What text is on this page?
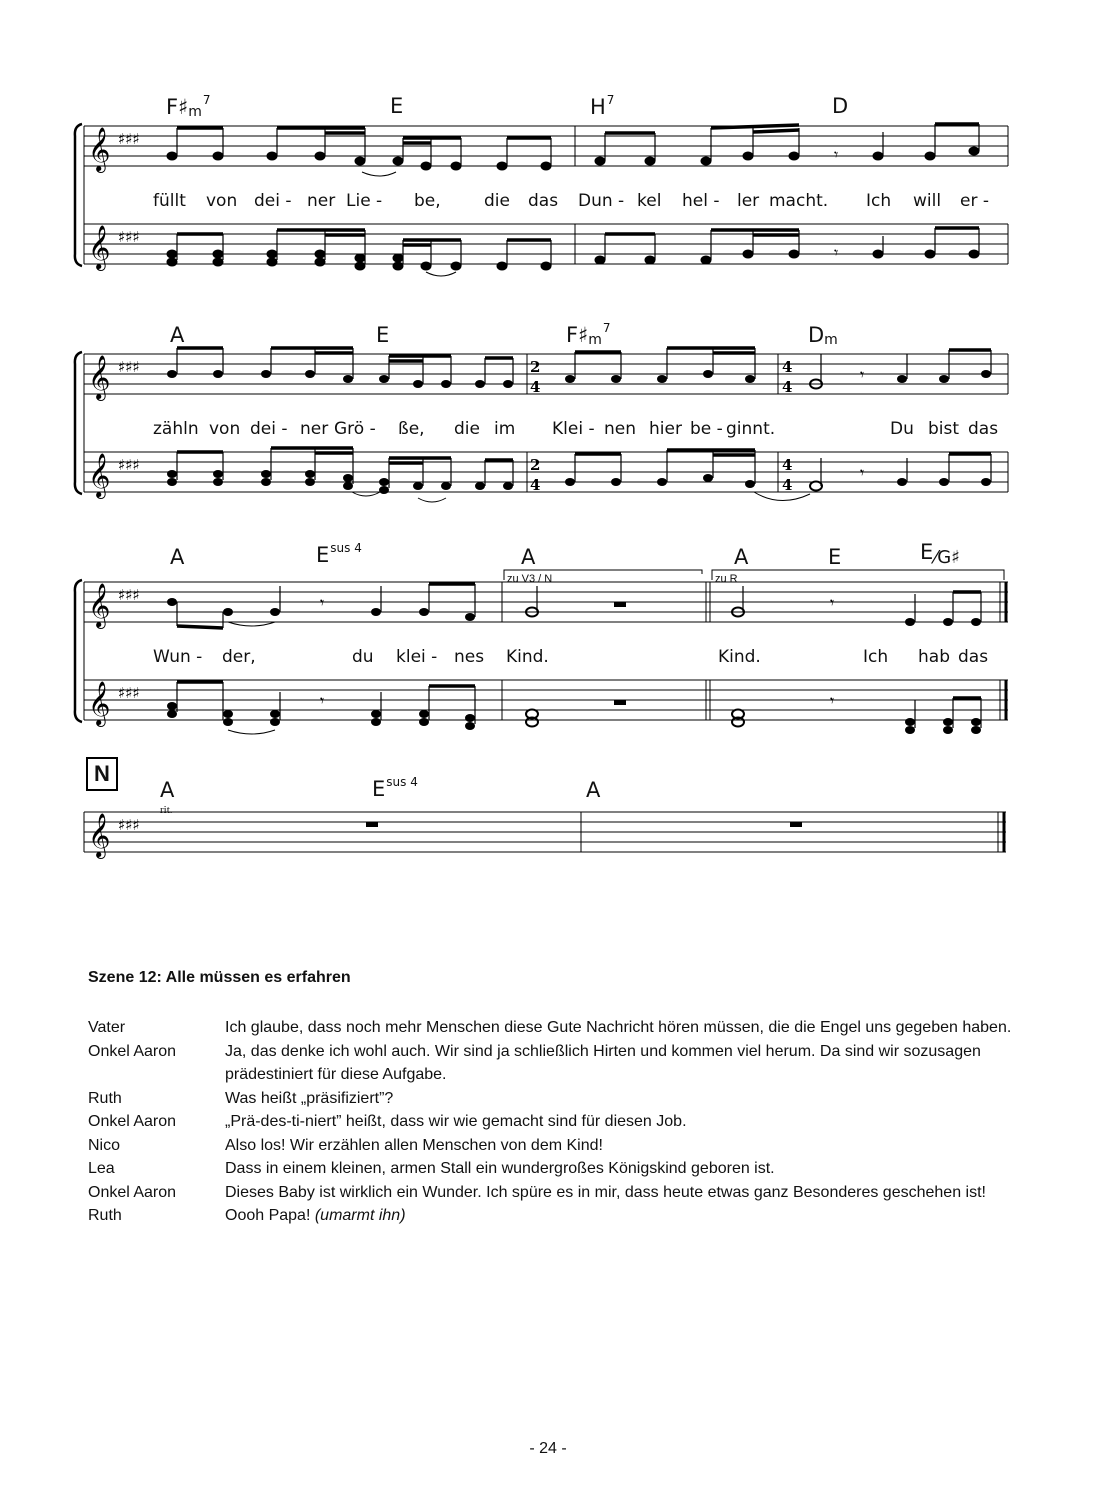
𝄞
𝄞
♯♯♯
♯♯♯
𝄾
𝄾
$F♯_m^7$	E	$H^7$	D
füllt von dei - ner Lie - be,	die das Dun - kel hel - ler macht. Ich will er -
𝄞
𝄞
♯♯♯
♯♯♯
2
4
4
4
2
4
4
4
𝄾
𝄾
A	E	$F♯_m^7$	$D_m$
zähln von dei - ner Grö - ße, die im Klei - nen hier be - ginnt.	Du bist das
𝄞
𝄞
♯♯♯
♯♯♯
𝄾
𝄾
𝄾
𝄾
zu V3 / N	zu R
A	$E^{sus 4}$	A	A	E	$E^{⁄G♯}$
Wun - der,	du klei - nes Kind.	Kind.	Ich hab das
N
𝄞 ♯♯♯
A	$E^{sus 4}$	A
rit.
Szene 12: Alle müssen es erfahren
Vater	Ich glaube, dass noch mehr Menschen diese Gute Nachricht hören müssen, die die Engel uns gegeben haben.
Onkel Aaron	Ja, das denke ich wohl auch. Wir sind ja schließlich Hirten und kommen viel herum. Da sind wir sozusagen prädestiniert für diese Aufgabe.
Ruth	Was heißt „präsifiziert”?
Onkel Aaron	„Prä-des-ti-niert” heißt, dass wir wie gemacht sind für diesen Job.
Nico	Also los! Wir erzählen allen Menschen von dem Kind!
Lea	Dass in einem kleinen, armen Stall ein wundergroßes Königskind geboren ist.
Onkel Aaron	Dieses Baby ist wirklich ein Wunder. Ich spüre es in mir, dass heute etwas ganz Besonderes geschehen ist!
Ruth	Oooh Papa! (umarmt ihn)
- 24 -
